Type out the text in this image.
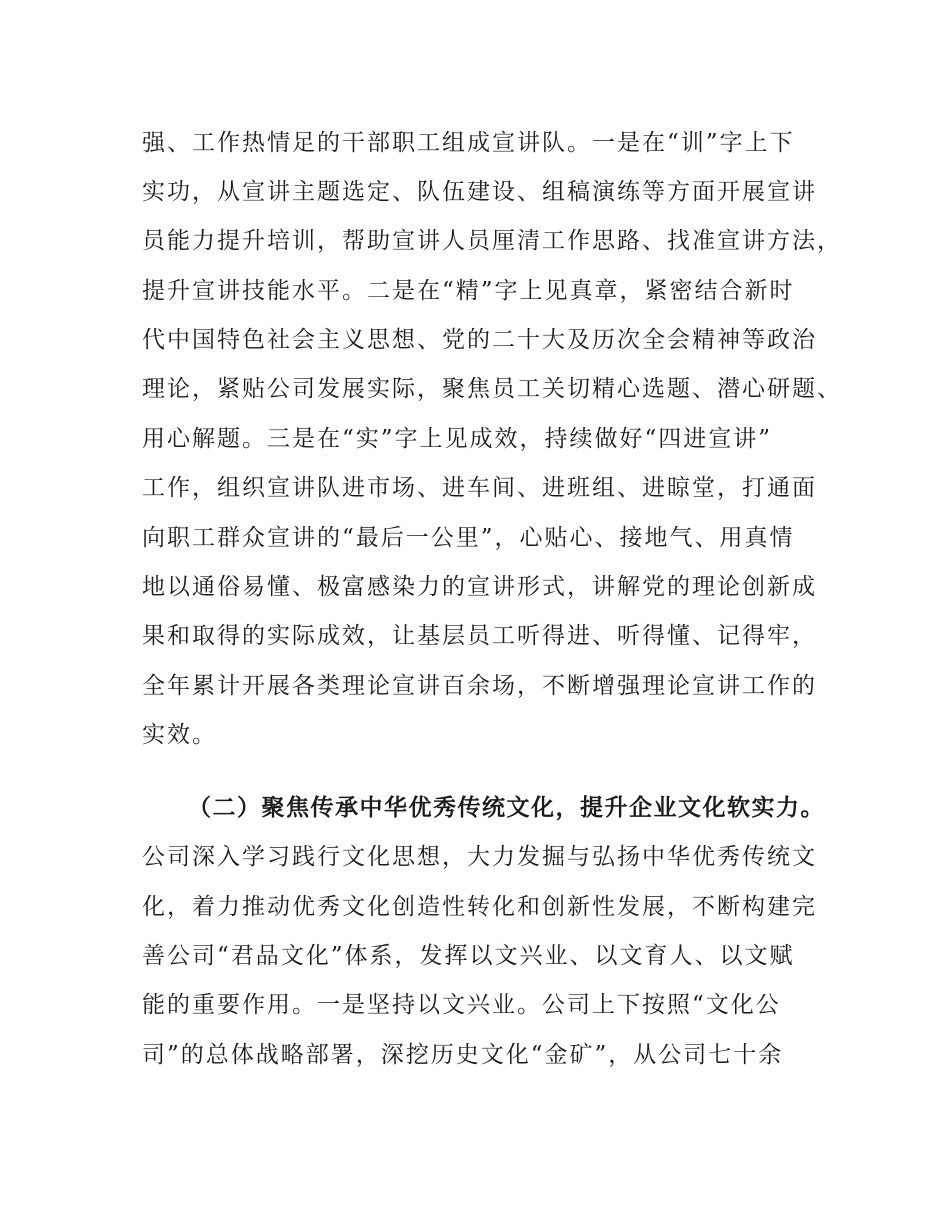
强、工作热情足的干部职工组成宣讲队。一是在“训”字上下
实功，从宣讲主题选定、队伍建设、组稿演练等方面开展宣讲
员能力提升培训，帮助宣讲人员厘清工作思路、找准宣讲方法，
提升宣讲技能水平。二是在“精”字上见真章，紧密结合新时
代中国特色社会主义思想、党的二十大及历次全会精神等政治
理论，紧贴公司发展实际，聚焦员工关切精心选题、潜心研题、
用心解题。三是在“实”字上见成效，持续做好“四进宣讲”
工作，组织宣讲队进市场、进车间、进班组、进晾堂，打通面
向职工群众宣讲的“最后一公里”，心贴心、接地气、用真情
地以通俗易懂、极富感染力的宣讲形式，讲解党的理论创新成
果和取得的实际成效，让基层员工听得进、听得懂、记得牢，
全年累计开展各类理论宣讲百余场，不断增强理论宣讲工作的
实效。
（二）聚焦传承中华优秀传统文化，提升企业文化软实力。
公司深入学习践行文化思想，大力发掘与弘扬中华优秀传统文
化，着力推动优秀文化创造性转化和创新性发展，不断构建完
善公司“君品文化”体系，发挥以文兴业、以文育人、以文赋
能的重要作用。一是坚持以文兴业。公司上下按照“文化公
司”的总体战略部署，深挖历史文化“金矿”，从公司七十余
